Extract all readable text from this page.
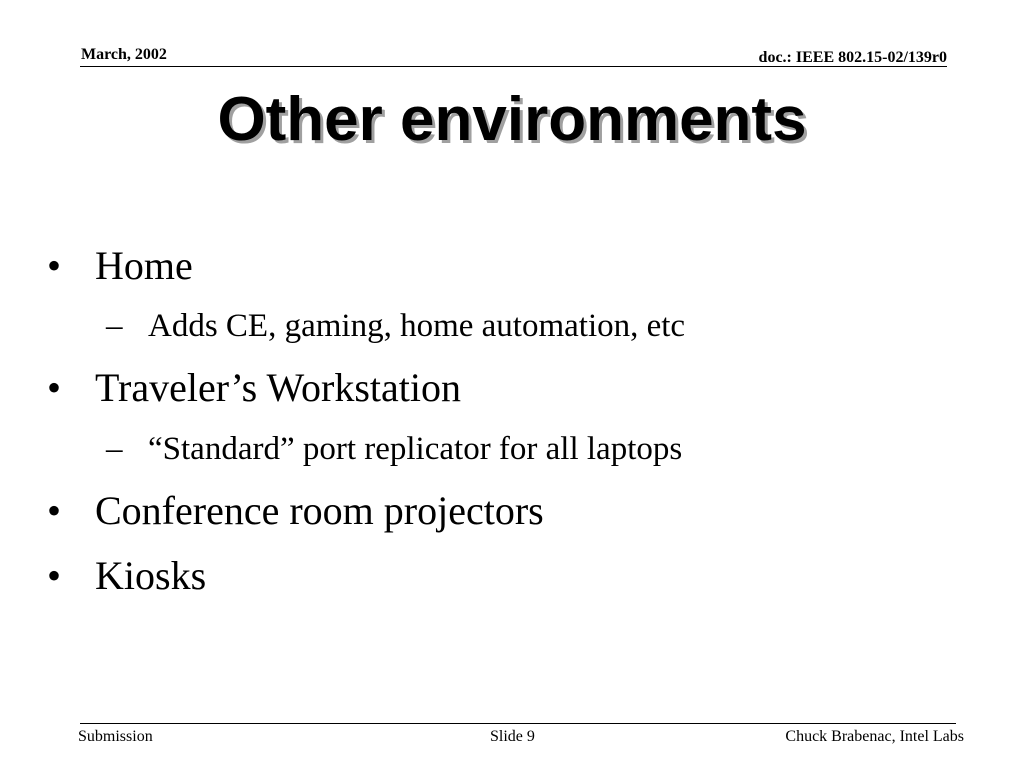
March, 2002	doc.: IEEE 802.15-02/139r0
Other environments
• Home
– Adds CE, gaming, home automation, etc
• Traveler’s Workstation
– “Standard” port replicator for all laptops
• Conference room projectors
• Kiosks
Submission	Slide 9	Chuck Brabenac, Intel Labs
